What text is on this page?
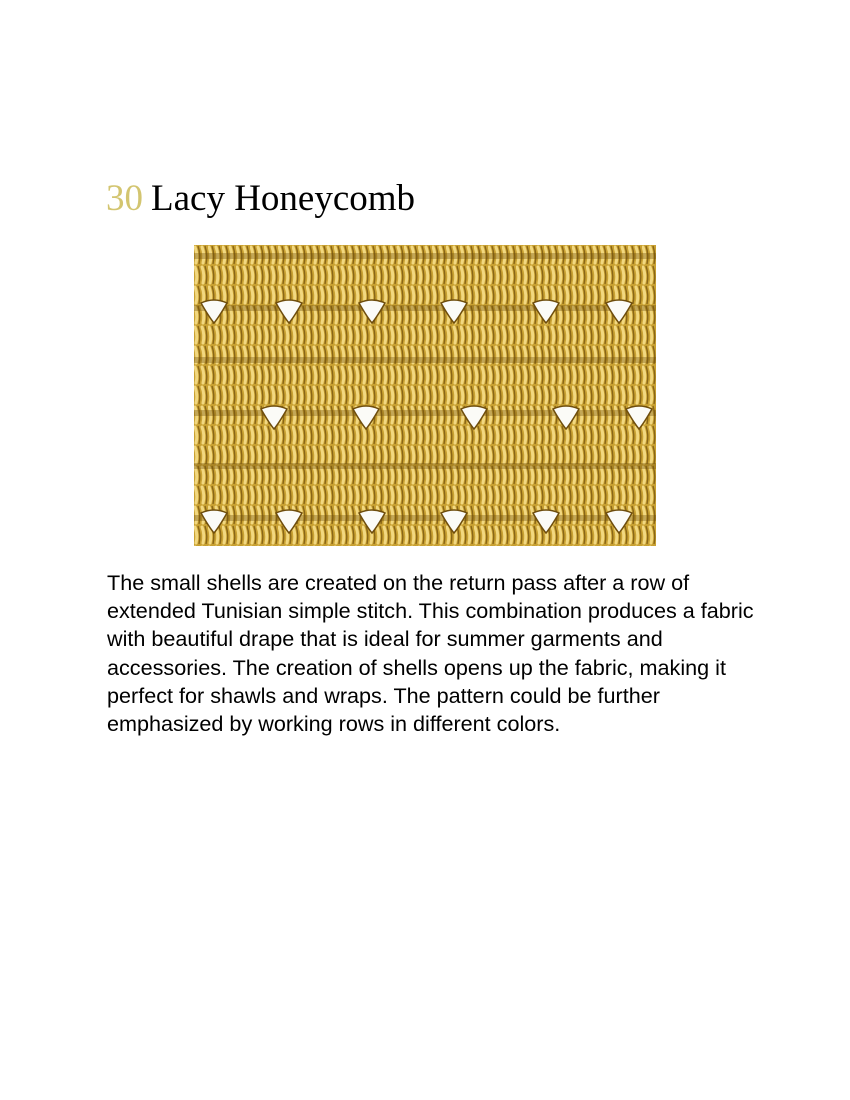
30 Lacy Honeycomb

The small shells are created on the return pass after a row of extended Tunisian simple stitch. This combination produces a fabric with beautiful drape that is ideal for summer garments and accessories. The creation of shells opens up the fabric, making it perfect for shawls and wraps. The pattern could be further emphasized by working rows in different colors.
